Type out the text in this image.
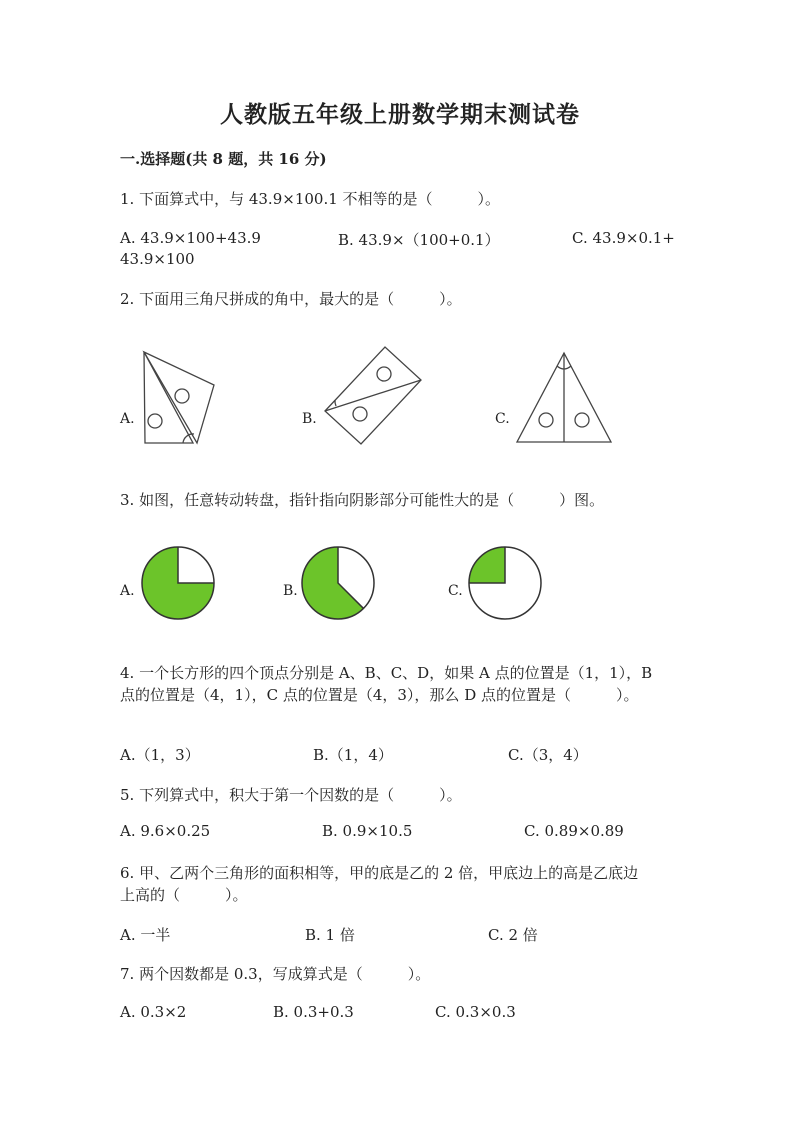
人教版五年级上册数学期末测试卷
一.选择题(共 8 题，共 16 分)
1. 下面算式中，与 43.9×100.1 不相等的是（　　　）。
A. 43.9×100+43.9	B. 43.9×（100+0.1）	C. 43.9×0.1+
43.9×100
2. 下面用三角尺拼成的角中，最大的是（　　　）。
A.	B.	C.
3. 如图，任意转动转盘，指针指向阴影部分可能性大的是（　　　）图。
A.	B.	C.
4. 一个长方形的四个顶点分别是 A、B、C、D，如果 A 点的位置是（1，1），B
点的位置是（4，1），C 点的位置是（4，3），那么 D 点的位置是（　　　）。
A.（1，3）	B.（1，4）	C.（3，4）
5. 下列算式中，积大于第一个因数的是（　　　）。
A. 9.6×0.25	B. 0.9×10.5	C. 0.89×0.89
6. 甲、乙两个三角形的面积相等，甲的底是乙的 2 倍，甲底边上的高是乙底边
上高的（　　　）。
A. 一半	B. 1 倍	C. 2 倍
7. 两个因数都是 0.3，写成算式是（　　　）。
A. 0.3×2	B. 0.3+0.3	C. 0.3×0.3
